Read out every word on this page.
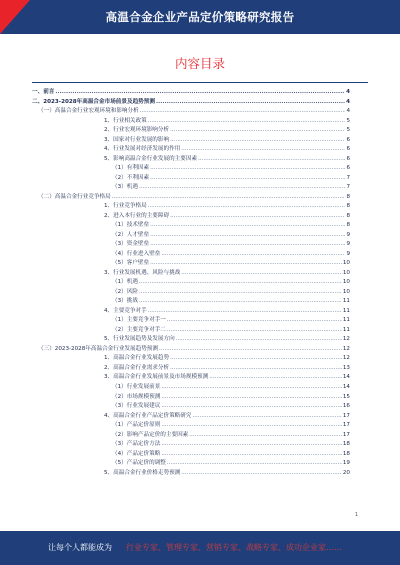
高温合金企业产品定价策略研究报告
内容目录
一、前言 .....	4
二、2023-2028年高温合金市场前景及趋势预测 .....	4
（一）高温合金行业宏观环境和影响分析 .....	4
1、行业相关政策 .....	5
2、行业宏观环境影响分析 .....	5
3、国家对行业发展的影响 .....	6
4、行业发展对经济发展的作用 .....	6
5、影响高温合金行业发展的主要因素 .....	6
（1）有利因素 .....	6
（2）不利因素 .....	7
（3）机遇 .....	7
（二）高温合金行业竞争格局 .....	8
1、行业竞争格局 .....	8
2、进入本行业的主要障碍 .....	8
（1）技术壁垒 .....	8
（2）人才壁垒 .....	9
（3）资金壁垒 .....	9
（4）行业进入壁垒 .....	9
（5）客户壁垒 .....	10
3、行业发展机遇、风险与挑战 .....	10
（1）机遇 .....	10
（2）风险 .....	10
（3）挑战 .....	11
4、主要竞争对手 .....	11
（1）主要竞争对手一 .....	11
（2）主要竞争对手二 .....	11
5、行业发展趋势及发展方向 .....	12
（三）2023-2028年高温合金行业发展趋势预测 .....	12
1、高温合金行业发展趋势 .....	12
2、高温合金行业需求分析 .....	13
3、高温合金行业发展前景及市场规模预测 .....	14
（1）行业发展前景 .....	14
（2）市场规模预测 .....	15
（3）行业发展建议 .....	16
4、高温合金行业产品定价策略研究 .....	17
（1）产品定价原则 .....	17
（2）影响产品定价的主要因素 .....	17
（3）产品定价方法 .....	18
（4）产品定价策略 .....	18
（5）产品定价的调整 .....	19
5、高温合金行业价格走势预测 .....	20
1
让每个人都能成为 行业专家、管理专家、营销专家、战略专家、成功企业家……
